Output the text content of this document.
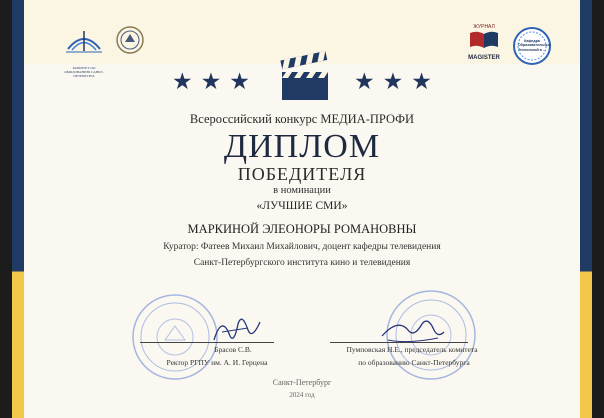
КОМИТЕТ ПО ОБРАЗОВАНИЮ САНКТ-ПЕТЕРБУРГА
ЖУРНАЛ
MAGISTER
Кафедра Образовательных Технологий в ...
★ ★ ★	★ ★ ★
Всероссийский конкурс МЕДИА-ПРОФИ
ДИПЛОМ
ПОБЕДИТЕЛЯ
в номинации
«ЛУЧШИЕ СМИ»
МАРКИНОЙ ЭЛЕОНОРЫ РОМАНОВНЫ
Куратор: Фатеев Михаил Михайлович, доцент кафедры телевидения
Санкт-Петербургского института кино и телевидения
Брасов С.В.
Ректор РГПУ им. А. И. Герцена
Пумповская Н.Е., председатель комитета
по образованию Санкт-Петербурга
Санкт-Петербург
2024 год
